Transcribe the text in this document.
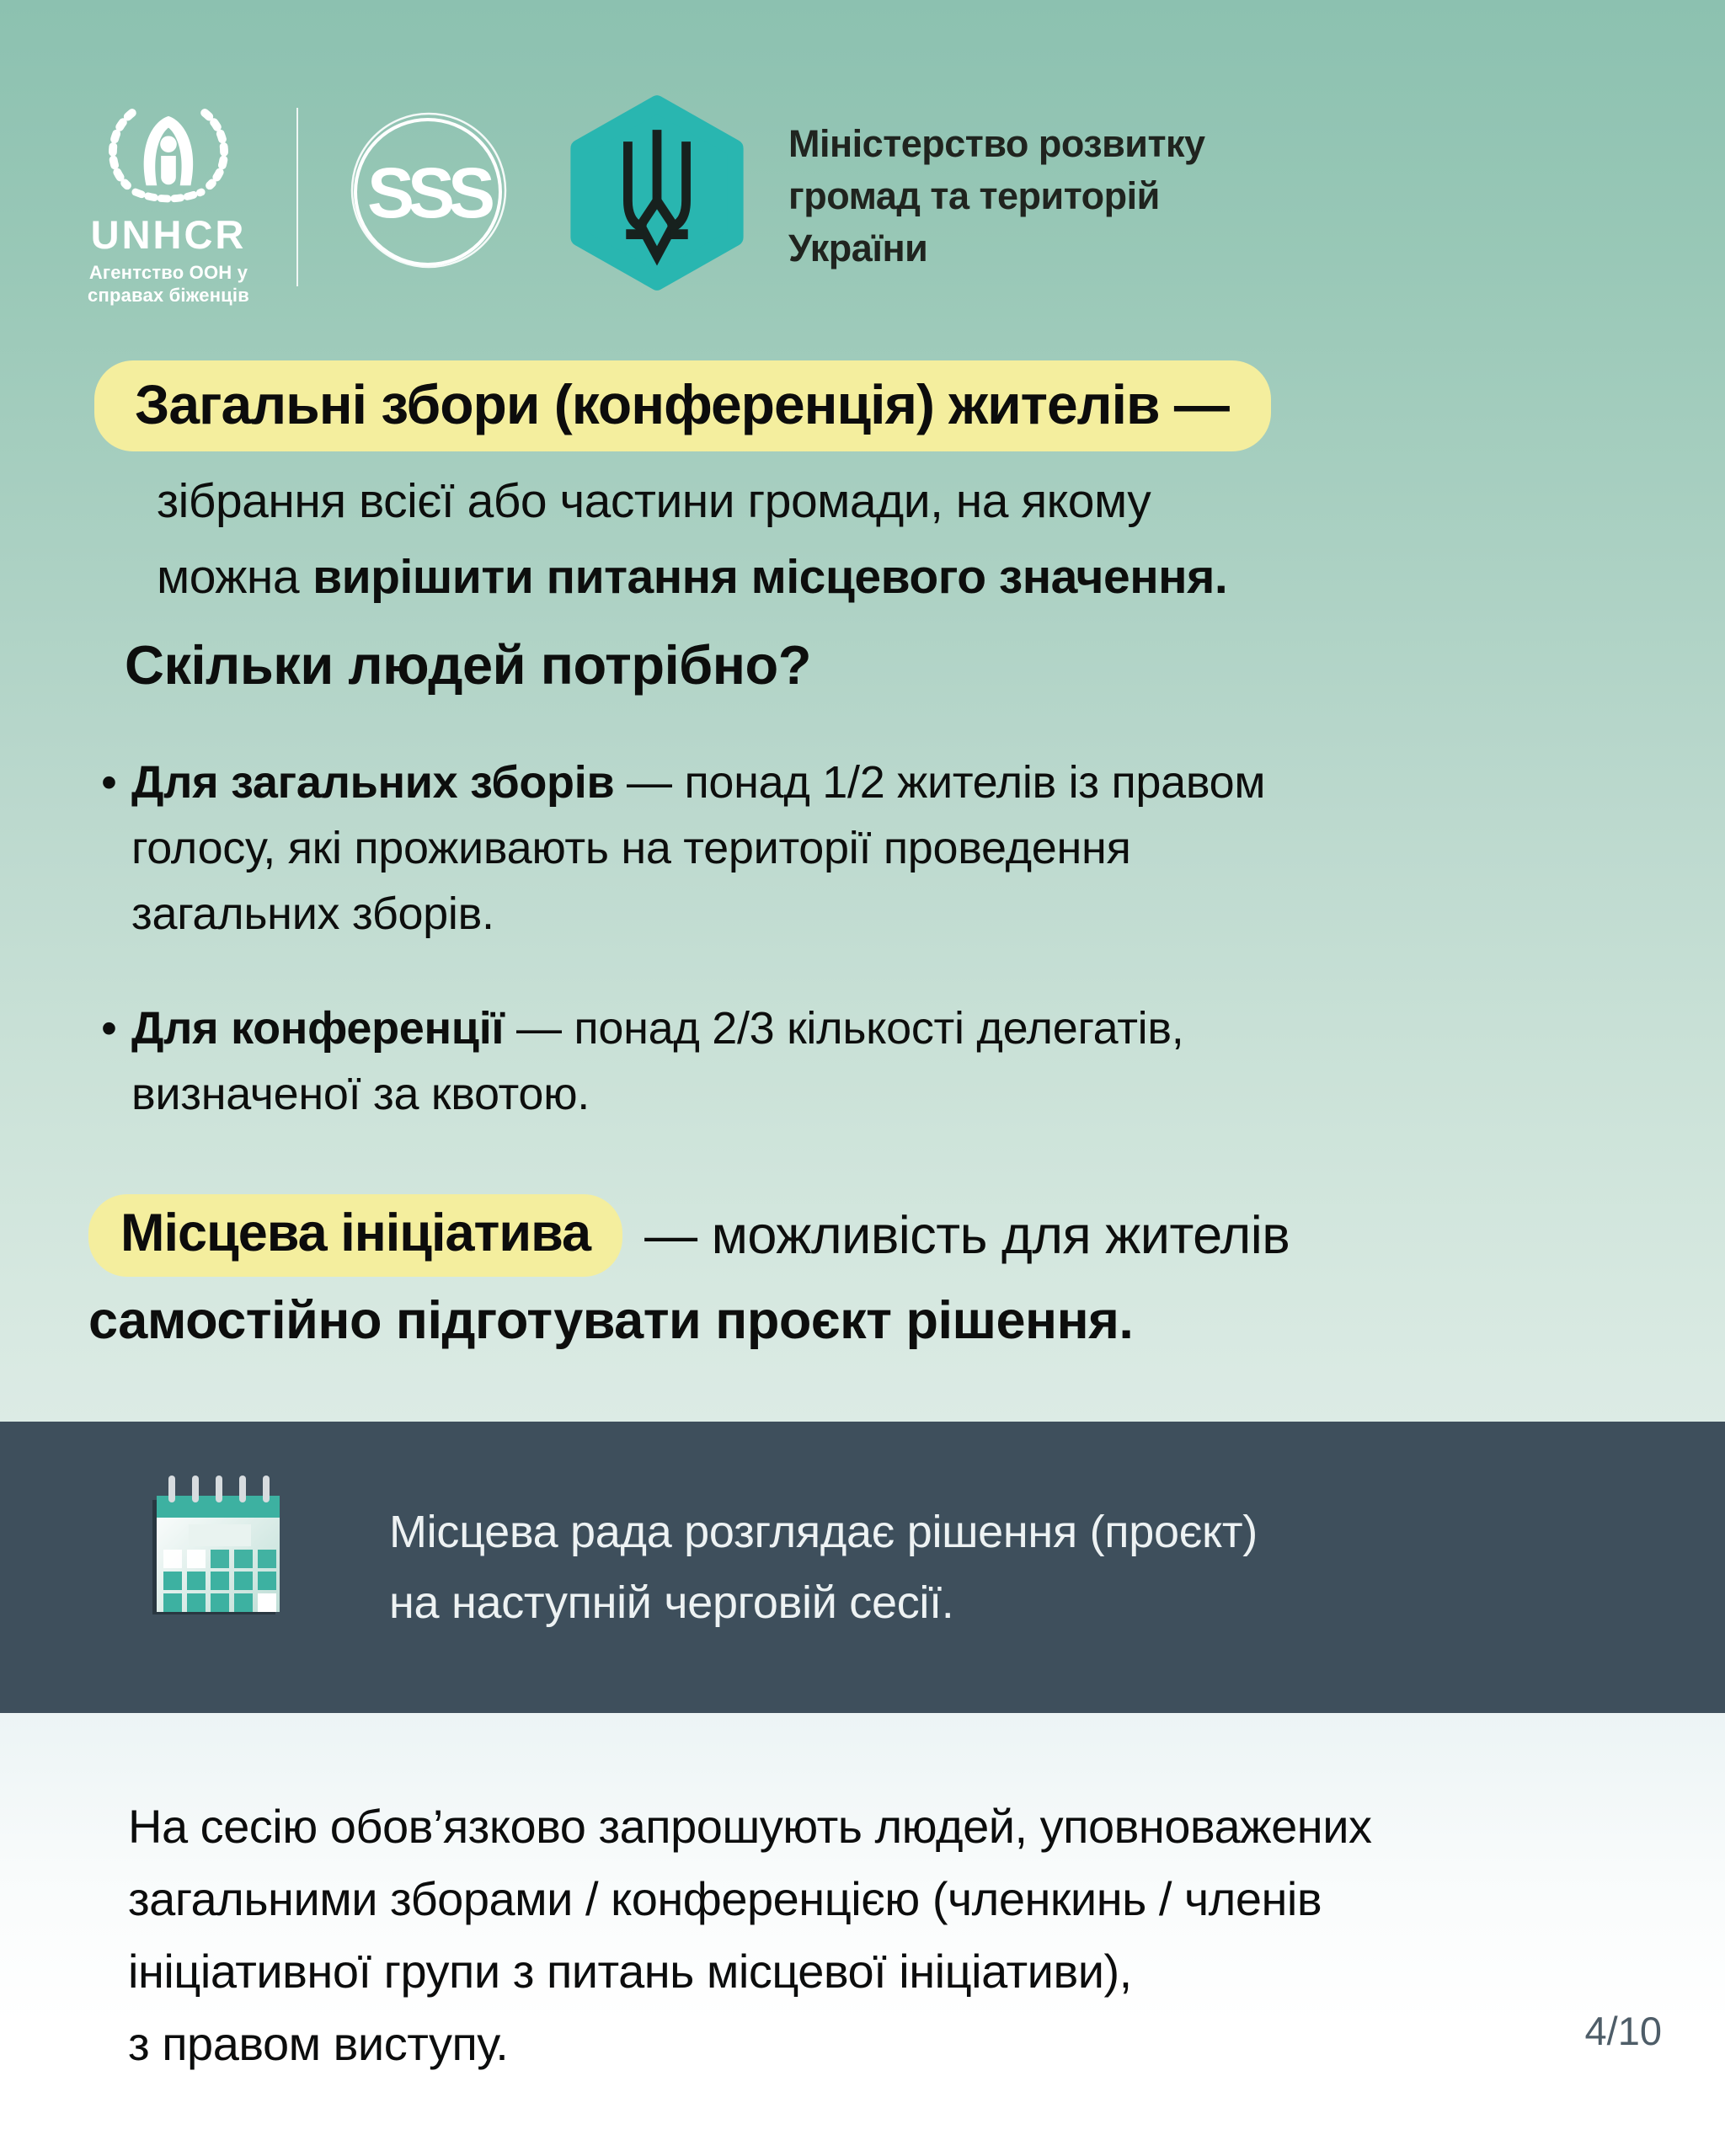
UNHCR
Агентство ООН у
справах біженців
SSS
Міністерство розвитку
громад та територій
України
Загальні збори (конференція) жителів —
зібрання всієї або частини громади, на якому
можна вирішити питання місцевого значення.
Скільки людей потрібно?
• Для загальних зборів — понад 1/2 жителів із правом
голосу, які проживають на території проведення
загальних зборів.
• Для конференції — понад 2/3 кількості делегатів,
визначеної за квотою.
Місцева ініціатива	— можливість для жителів
самостійно підготувати проєкт рішення.
Місцева рада розглядає рішення (проєкт)
на наступній черговій сесії.
На сесію обов’язково запрошують людей, уповноважених
загальними зборами / конференцією (членкинь / членів
ініціативної групи з питань місцевої ініціативи),
з правом виступу.	4/10
